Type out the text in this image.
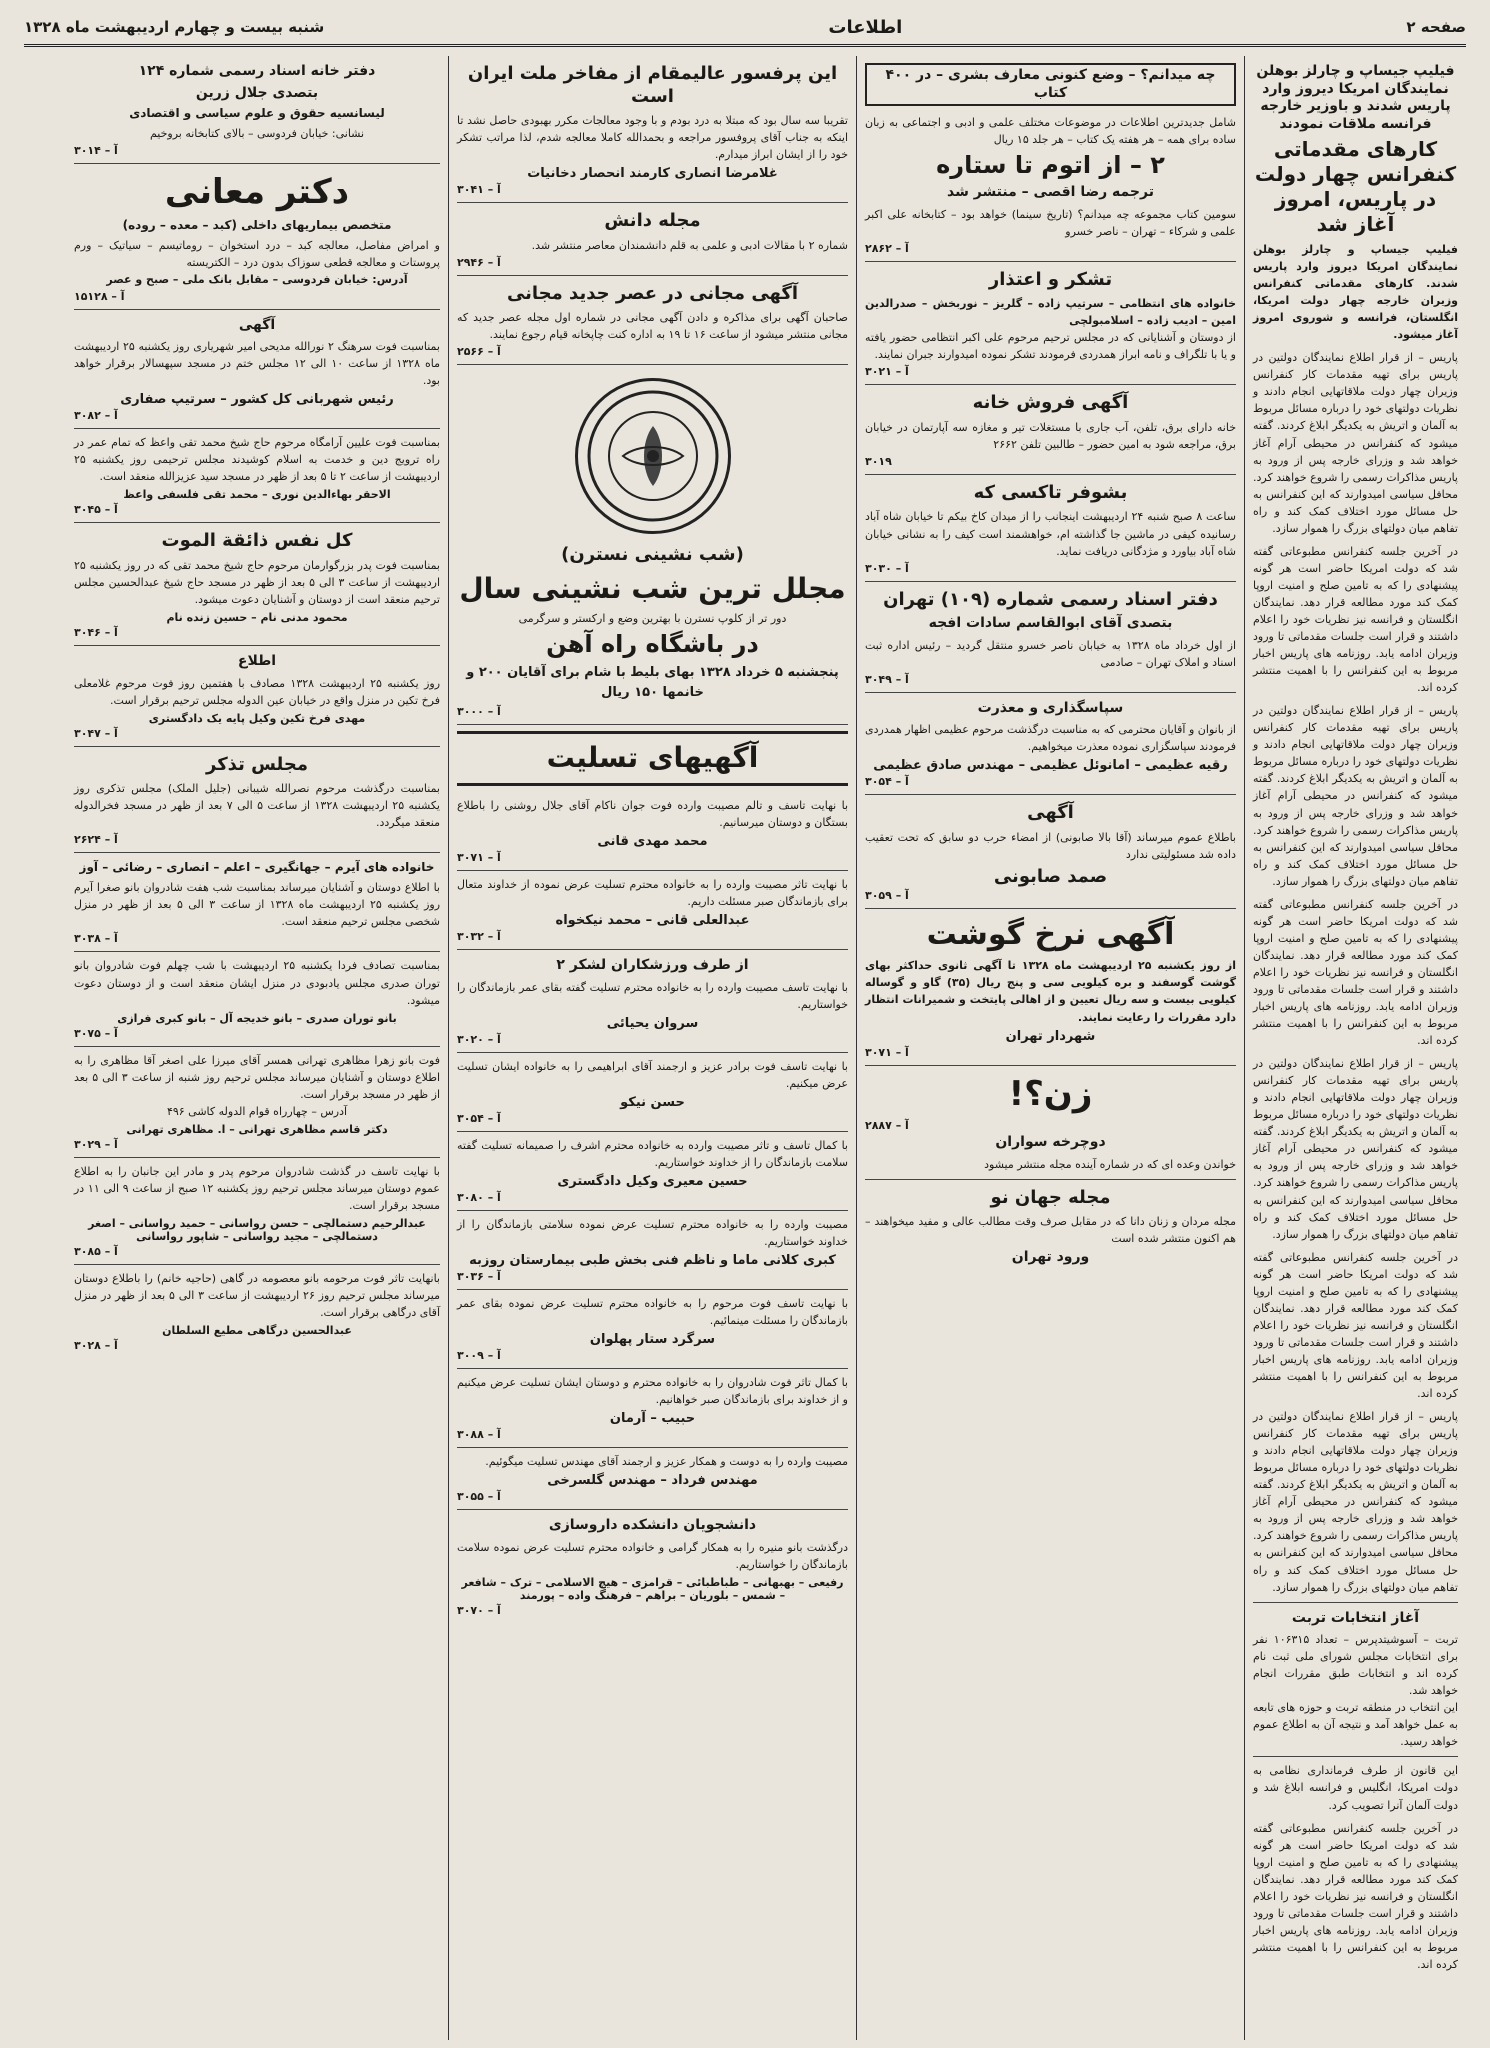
صفحه ۲
اطلاعات
شنبه بیست و چهارم اردیبهشت ماه ۱۳۲۸

فیلیپ جیساپ و چارلز بوهلن نمایندگان امریکا دیروز وارد پاریس شدند و باوزیر خارجه فرانسه ملاقات نمودند

کارهای مقدماتی کنفرانس چهار دولت در پاریس، امروز آغاز شد

فیلیپ جیساپ و چارلز بوهلن نمایندگان امریکا دیروز وارد پاریس شدند. کارهای مقدماتی کنفرانس وزیران خارجه چهار دولت امریکا، انگلستان، فرانسه و شوروی امروز آغاز میشود.

پاریس – از قرار اطلاع نمایندگان دولتین در پاریس برای تهیه مقدمات کار کنفرانس وزیران چهار دولت ملاقاتهایی انجام دادند و نظریات دولتهای خود را درباره مسائل مربوط به آلمان و اتریش به یکدیگر ابلاغ کردند. گفته میشود که کنفرانس در محیطی آرام آغاز خواهد شد و وزرای خارجه پس از ورود به پاریس مذاکرات رسمی را شروع خواهند کرد. محافل سیاسی امیدوارند که این کنفرانس به حل مسائل مورد اختلاف کمک کند و راه تفاهم میان دولتهای بزرگ را هموار سازد.

در آخرین جلسه کنفرانس مطبوعاتی گفته شد که دولت امریکا حاضر است هر گونه پیشنهادی را که به تامین صلح و امنیت اروپا کمک کند مورد مطالعه قرار دهد. نمایندگان انگلستان و فرانسه نیز نظریات خود را اعلام داشتند و قرار است جلسات مقدماتی تا ورود وزیران ادامه یابد. روزنامه های پاریس اخبار مربوط به این کنفرانس را با اهمیت منتشر کرده اند.

پاریس – از قرار اطلاع نمایندگان دولتین در پاریس برای تهیه مقدمات کار کنفرانس وزیران چهار دولت ملاقاتهایی انجام دادند و نظریات دولتهای خود را درباره مسائل مربوط به آلمان و اتریش به یکدیگر ابلاغ کردند. گفته میشود که کنفرانس در محیطی آرام آغاز خواهد شد و وزرای خارجه پس از ورود به پاریس مذاکرات رسمی را شروع خواهند کرد. محافل سیاسی امیدوارند که این کنفرانس به حل مسائل مورد اختلاف کمک کند و راه تفاهم میان دولتهای بزرگ را هموار سازد.

در آخرین جلسه کنفرانس مطبوعاتی گفته شد که دولت امریکا حاضر است هر گونه پیشنهادی را که به تامین صلح و امنیت اروپا کمک کند مورد مطالعه قرار دهد. نمایندگان انگلستان و فرانسه نیز نظریات خود را اعلام داشتند و قرار است جلسات مقدماتی تا ورود وزیران ادامه یابد. روزنامه های پاریس اخبار مربوط به این کنفرانس را با اهمیت منتشر کرده اند.

پاریس – از قرار اطلاع نمایندگان دولتین در پاریس برای تهیه مقدمات کار کنفرانس وزیران چهار دولت ملاقاتهایی انجام دادند و نظریات دولتهای خود را درباره مسائل مربوط به آلمان و اتریش به یکدیگر ابلاغ کردند. گفته میشود که کنفرانس در محیطی آرام آغاز خواهد شد و وزرای خارجه پس از ورود به پاریس مذاکرات رسمی را شروع خواهند کرد. محافل سیاسی امیدوارند که این کنفرانس به حل مسائل مورد اختلاف کمک کند و راه تفاهم میان دولتهای بزرگ را هموار سازد.

در آخرین جلسه کنفرانس مطبوعاتی گفته شد که دولت امریکا حاضر است هر گونه پیشنهادی را که به تامین صلح و امنیت اروپا کمک کند مورد مطالعه قرار دهد. نمایندگان انگلستان و فرانسه نیز نظریات خود را اعلام داشتند و قرار است جلسات مقدماتی تا ورود وزیران ادامه یابد. روزنامه های پاریس اخبار مربوط به این کنفرانس را با اهمیت منتشر کرده اند.

پاریس – از قرار اطلاع نمایندگان دولتین در پاریس برای تهیه مقدمات کار کنفرانس وزیران چهار دولت ملاقاتهایی انجام دادند و نظریات دولتهای خود را درباره مسائل مربوط به آلمان و اتریش به یکدیگر ابلاغ کردند. گفته میشود که کنفرانس در محیطی آرام آغاز خواهد شد و وزرای خارجه پس از ورود به پاریس مذاکرات رسمی را شروع خواهند کرد. محافل سیاسی امیدوارند که این کنفرانس به حل مسائل مورد اختلاف کمک کند و راه تفاهم میان دولتهای بزرگ را هموار سازد.

آغاز انتخابات تربت

تربت – آسوشیتدپرس – تعداد ۱۰۶۳۱۵ نفر برای انتخابات مجلس شورای ملی ثبت نام کرده اند و انتخابات طبق مقررات انجام خواهد شد.

این انتخاب در منطقه تربت و حوزه های تابعه به عمل خواهد آمد و نتیجه آن به اطلاع عموم خواهد رسید.

این قانون از طرف فرمانداری نظامی به دولت امریکا، انگلیس و فرانسه ابلاغ شد و دولت آلمان آنرا تصویب کرد.

در آخرین جلسه کنفرانس مطبوعاتی گفته شد که دولت امریکا حاضر است هر گونه پیشنهادی را که به تامین صلح و امنیت اروپا کمک کند مورد مطالعه قرار دهد. نمایندگان انگلستان و فرانسه نیز نظریات خود را اعلام داشتند و قرار است جلسات مقدماتی تا ورود وزیران ادامه یابد. روزنامه های پاریس اخبار مربوط به این کنفرانس را با اهمیت منتشر کرده اند.

چه میدانم؟ – وضع کنونی معارف بشری – در ۴۰۰ کتاب

شامل جدیدترین اطلاعات در موضوعات مختلف علمی و ادبی و اجتماعی به زبان ساده برای همه – هر هفته یک کتاب – هر جلد ۱۵ ریال

۲ – از اتوم تا ستاره

ترجمه رضا اقصی – منتشر شد

سومین کتاب مجموعه چه میدانم؟ (تاریخ سینما) خواهد بود – کتابخانه علی اکبر علمی و شرکاء – تهران – ناصر خسرو

آ – ۲۸۶۲

تشکر و اعتذار

خانواده های انتظامی – سرتیپ زاده – گلریز – نوربخش – صدرالدین امین – ادیب زاده – اسلامبولچی

از دوستان و آشنایانی که در مجلس ترحیم مرحوم علی اکبر انتظامی حضور یافته و یا با تلگراف و نامه ابراز همدردی فرمودند تشکر نموده امیدوارند جبران نمایند.

آ – ۳۰۲۱

آگهی فروش خانه

خانه دارای برق، تلفن، آب جاری با مستغلات تیر و مغازه سه آپارتمان در خیابان برق، مراجعه شود به امین حضور – طالبین تلفن ۲۶۶۲

۳۰۱۹

بشوفر تاکسی که

ساعت ۸ صبح شنبه ۲۴ اردیبهشت اینجانب را از میدان کاخ بیکم تا خیابان شاه آباد رسانیده کیفی در ماشین جا گذاشته ام، خواهشمند است کیف را به نشانی خیابان شاه آباد بیاورد و مژدگانی دریافت نماید.

آ – ۳۰۳۰

دفتر اسناد رسمی شماره (۱۰۹) تهران

بتصدی آقای ابوالقاسم سادات افجه

از اول خرداد ماه ۱۳۲۸ به خیابان ناصر خسرو منتقل گردید – رئیس اداره ثبت اسناد و املاک تهران – صادمی

آ – ۳۰۴۹

سپاسگذاری و معذرت

از بانوان و آقایان محترمی که به مناسبت درگذشت مرحوم عظیمی اظهار همدردی فرمودند سپاسگزاری نموده معذرت میخواهیم.

رقیه عظیمی – امانوئل عظیمی – مهندس صادق عظیمی
آ – ۳۰۵۴

آگهی

باطلاع عموم میرساند (آقا بالا صابونی) از امضاء حرب دو سابق که تحت تعقیب داده شد مسئولیتی ندارد

صمد صابونی
آ – ۳۰۵۹

آگهی نرخ گوشت

از روز یکشنبه ۲۵ اردیبهشت ماه ۱۳۲۸ تا آگهی ثانوی حداکثر بهای گوشت گوسفند و بره کیلویی سی و پنج ریال (۳۵) گاو و گوساله کیلویی بیست و سه ریال تعیین و از اهالی پایتخت و شمیرانات انتظار دارد مقررات را رعایت نمایند.

شهردار تهران
آ – ۳۰۷۱

زن؟!

آ – ۲۸۸۷

دوچرخه سواران

خواندن وعده ای که در شماره آینده مجله منتشر میشود

مجله جهان نو

مجله مردان و زنان دانا که در مقابل صرف وقت مطالب عالی و مفید میخواهند – هم اکنون منتشر شده است

ورود تهران

این پرفسور عالیمقام از مفاخر ملت ایران است

تقریبا سه سال بود که مبتلا به درد بودم و با وجود معالجات مکرر بهبودی حاصل نشد تا اینکه به جناب آقای پروفسور مراجعه و بحمدالله کاملا معالجه شدم، لذا مراتب تشکر خود را از ایشان ابراز میدارم.

غلامرضا انصاری کارمند انحصار دخانیات
آ – ۳۰۴۱

مجله دانش

شماره ۲ با مقالات ادبی و علمی به قلم دانشمندان معاصر منتشر شد.

آ – ۲۹۴۶

آگهی مجانی در عصر جدید مجانی

صاحبان آگهی برای مذاکره و دادن آگهی مجانی در شماره اول مجله عصر جدید که مجانی منتشر میشود از ساعت ۱۶ تا ۱۹ به اداره کنت چاپخانه قیام رجوع نمایند.

آ – ۲۵۶۶

(شب نشینی نسترن)

مجلل ترین شب نشینی سال

دور تر از کلوپ نسترن با بهترین وضع و ارکستر و سرگرمی

در باشگاه راه آهن

پنجشنبه ۵ خرداد ۱۳۲۸ بهای بلیط با شام برای آقایان ۲۰۰ و خانمها ۱۵۰ ریال

آ – ۳۰۰۰

آگهیهای تسلیت

با نهایت تاسف و تالم مصیبت وارده فوت جوان ناکام آقای جلال روشنی را باطلاع بستگان و دوستان میرسانیم.

محمد مهدی قانی
آ – ۳۰۷۱

با نهایت تاثر مصیبت وارده را به خانواده محترم تسلیت عرض نموده از خداوند متعال برای بازماندگان صبر مسئلت داریم.

عبدالعلی قانی – محمد نیکخواه
آ – ۳۰۳۲

از طرف ورزشکاران لشکر ۲

با نهایت تاسف مصیبت وارده را به خانواده محترم تسلیت گفته بقای عمر بازماندگان را خواستاریم.

سروان یحیائی
آ – ۳۰۲۰

با نهایت تاسف فوت برادر عزیز و ارجمند آقای ابراهیمی را به خانواده ایشان تسلیت عرض میکنیم.

حسن نیکو
آ – ۳۰۵۴

با کمال تاسف و تاثر مصیبت وارده به خانواده محترم اشرف را صمیمانه تسلیت گفته سلامت بازماندگان را از خداوند خواستاریم.

حسین معیری وکیل دادگستری
آ – ۳۰۸۰

مصیبت وارده را به خانواده محترم تسلیت عرض نموده سلامتی بازماندگان را از خداوند خواستاریم.

کبری کلانی ماما و ناظم فنی بخش طبی بیمارستان روزبه
آ – ۳۰۳۶

با نهایت تاسف فوت مرحوم را به خانواده محترم تسلیت عرض نموده بقای عمر بازماندگان را مسئلت مینمائیم.

سرگرد ستار پهلوان
آ – ۳۰۰۹

با کمال تاثر فوت شادروان را به خانواده محترم و دوستان ایشان تسلیت عرض میکنیم و از خداوند برای بازماندگان صبر خواهانیم.

حبیب – آرمان
آ – ۳۰۸۸

مصیبت وارده را به دوست و همکار عزیز و ارجمند آقای مهندس تسلیت میگوئیم.

مهندس فرداد – مهندس گلسرخی
آ – ۳۰۵۵

دانشجویان دانشکده داروسازی

درگذشت بانو منیره را به همکار گرامی و خانواده محترم تسلیت عرض نموده سلامت بازماندگان را خواستاریم.

رفیعی – بهبهانی – طباطبائی – قرامزی – هیچ الاسلامی – ترک – شافعر – شمس – بلوریان – براهم – فرهنگ واده – پورمند
آ – ۳۰۷۰

دفتر خانه اسناد رسمی شماره ۱۲۴

بتصدی جلال زرین

لیسانسیه حقوق و علوم سیاسی و اقتصادی

نشانی: خیابان فردوسی – بالای کتابخانه بروخیم

آ – ۳۰۱۴

دکتر معانی

متخصص بیماریهای داخلی (کبد – معده – روده)

و امراض مفاصل، معالجه کبد – درد استخوان – روماتیسم – سیاتیک – ورم پروستات و معالجه قطعی سوزاک بدون درد – الکتریسته

آدرس: خیابان فردوسی – مقابل بانک ملی – صبح و عصر

آ – ۱۵۱۲۸

آگهی

بمناسبت فوت سرهنگ ۲ نورالله مدیحی امیر شهریاری روز یکشنبه ۲۵ اردیبهشت ماه ۱۳۲۸ از ساعت ۱۰ الی ۱۲ مجلس ختم در مسجد سپهسالار برقرار خواهد بود.

رئیس شهربانی کل کشور – سرتیپ صفاری
آ – ۳۰۸۲

بمناسبت فوت علیین آرامگاه مرحوم حاج شیخ محمد تقی واعظ که تمام عمر در راه ترویج دین و خدمت به اسلام کوشیدند مجلس ترحیمی روز یکشنبه ۲۵ اردیبهشت از ساعت ۲ تا ۵ بعد از ظهر در مسجد سید عزیزالله منعقد است.

الاحقر بهاءالدین نوری – محمد تقی فلسفی واعظ
آ – ۳۰۴۵

کل نفس ذائقة الموت

بمناسبت فوت پدر بزرگوارمان مرحوم حاج شیخ محمد تقی که در روز یکشنبه ۲۵ اردیبهشت از ساعت ۳ الی ۵ بعد از ظهر در مسجد حاج شیخ عبدالحسین مجلس ترحیم منعقد است از دوستان و آشنایان دعوت میشود.

محمود مدنی نام – حسین زنده نام
آ – ۳۰۴۶

اطلاع

روز یکشنبه ۲۵ اردیبهشت ۱۳۲۸ مصادف با هفتمین روز فوت مرحوم غلامعلی فرخ تکین در منزل واقع در خیابان عین الدوله مجلس ترحیم برقرار است.

مهدی فرخ تکین وکیل پایه یک دادگستری
آ – ۳۰۴۷

مجلس تذکر

بمناسبت درگذشت مرحوم نصرالله شیبانی (جلیل الملک) مجلس تذکری روز یکشنبه ۲۵ اردیبهشت ۱۳۲۸ از ساعت ۵ الی ۷ بعد از ظهر در مسجد فخرالدوله منعقد میگردد.

آ – ۲۶۲۴

خانواده های آیرم – جهانگیری – اعلم – انصاری – رضائی – آوز

با اطلاع دوستان و آشنایان میرساند بمناسبت شب هفت شادروان بانو صغرا آیرم روز یکشنبه ۲۵ اردیبهشت ماه ۱۳۲۸ از ساعت ۳ الی ۵ بعد از ظهر در منزل شخصی مجلس ترحیم منعقد است.

آ – ۳۰۳۸

بمناسبت تصادف فردا یکشنبه ۲۵ اردیبهشت با شب چهلم فوت شادروان بانو توران صدری مجلس یادبودی در منزل ایشان منعقد است و از دوستان دعوت میشود.

بانو توران صدری – بانو خدیجه آل – بانو کبری فرازی
آ – ۳۰۷۵

فوت بانو زهرا مظاهری تهرانی همسر آقای میرزا علی اصغر آقا مظاهری را به اطلاع دوستان و آشنایان میرساند مجلس ترحیم روز شنبه از ساعت ۳ الی ۵ بعد از ظهر در مسجد برقرار است.

آدرس – چهارراه قوام الدوله کاشی ۴۹۶

دکتر قاسم مظاهری تهرانی – ا. مظاهری تهرانی
آ – ۳۰۲۹

با نهایت تاسف در گذشت شادروان مرحوم پدر و مادر این جانبان را به اطلاع عموم دوستان میرساند مجلس ترحیم روز یکشنبه ۱۲ صبح از ساعت ۹ الی ۱۱ در مسجد برقرار است.

عبدالرحیم دستمالچی – حسن رواسانی – حمید رواسانی – اصغر دستمالچی – مجید رواسانی – شاپور رواسانی
آ – ۳۰۸۵

بانهایت تاثر فوت مرحومه بانو معصومه در گاهی (حاجیه خانم) را باطلاع دوستان میرساند مجلس ترحیم روز ۲۶ اردیبهشت از ساعت ۳ الی ۵ بعد از ظهر در منزل آقای درگاهی برقرار است.

عبدالحسین درگاهی مطیع السلطان
آ – ۳۰۲۸
